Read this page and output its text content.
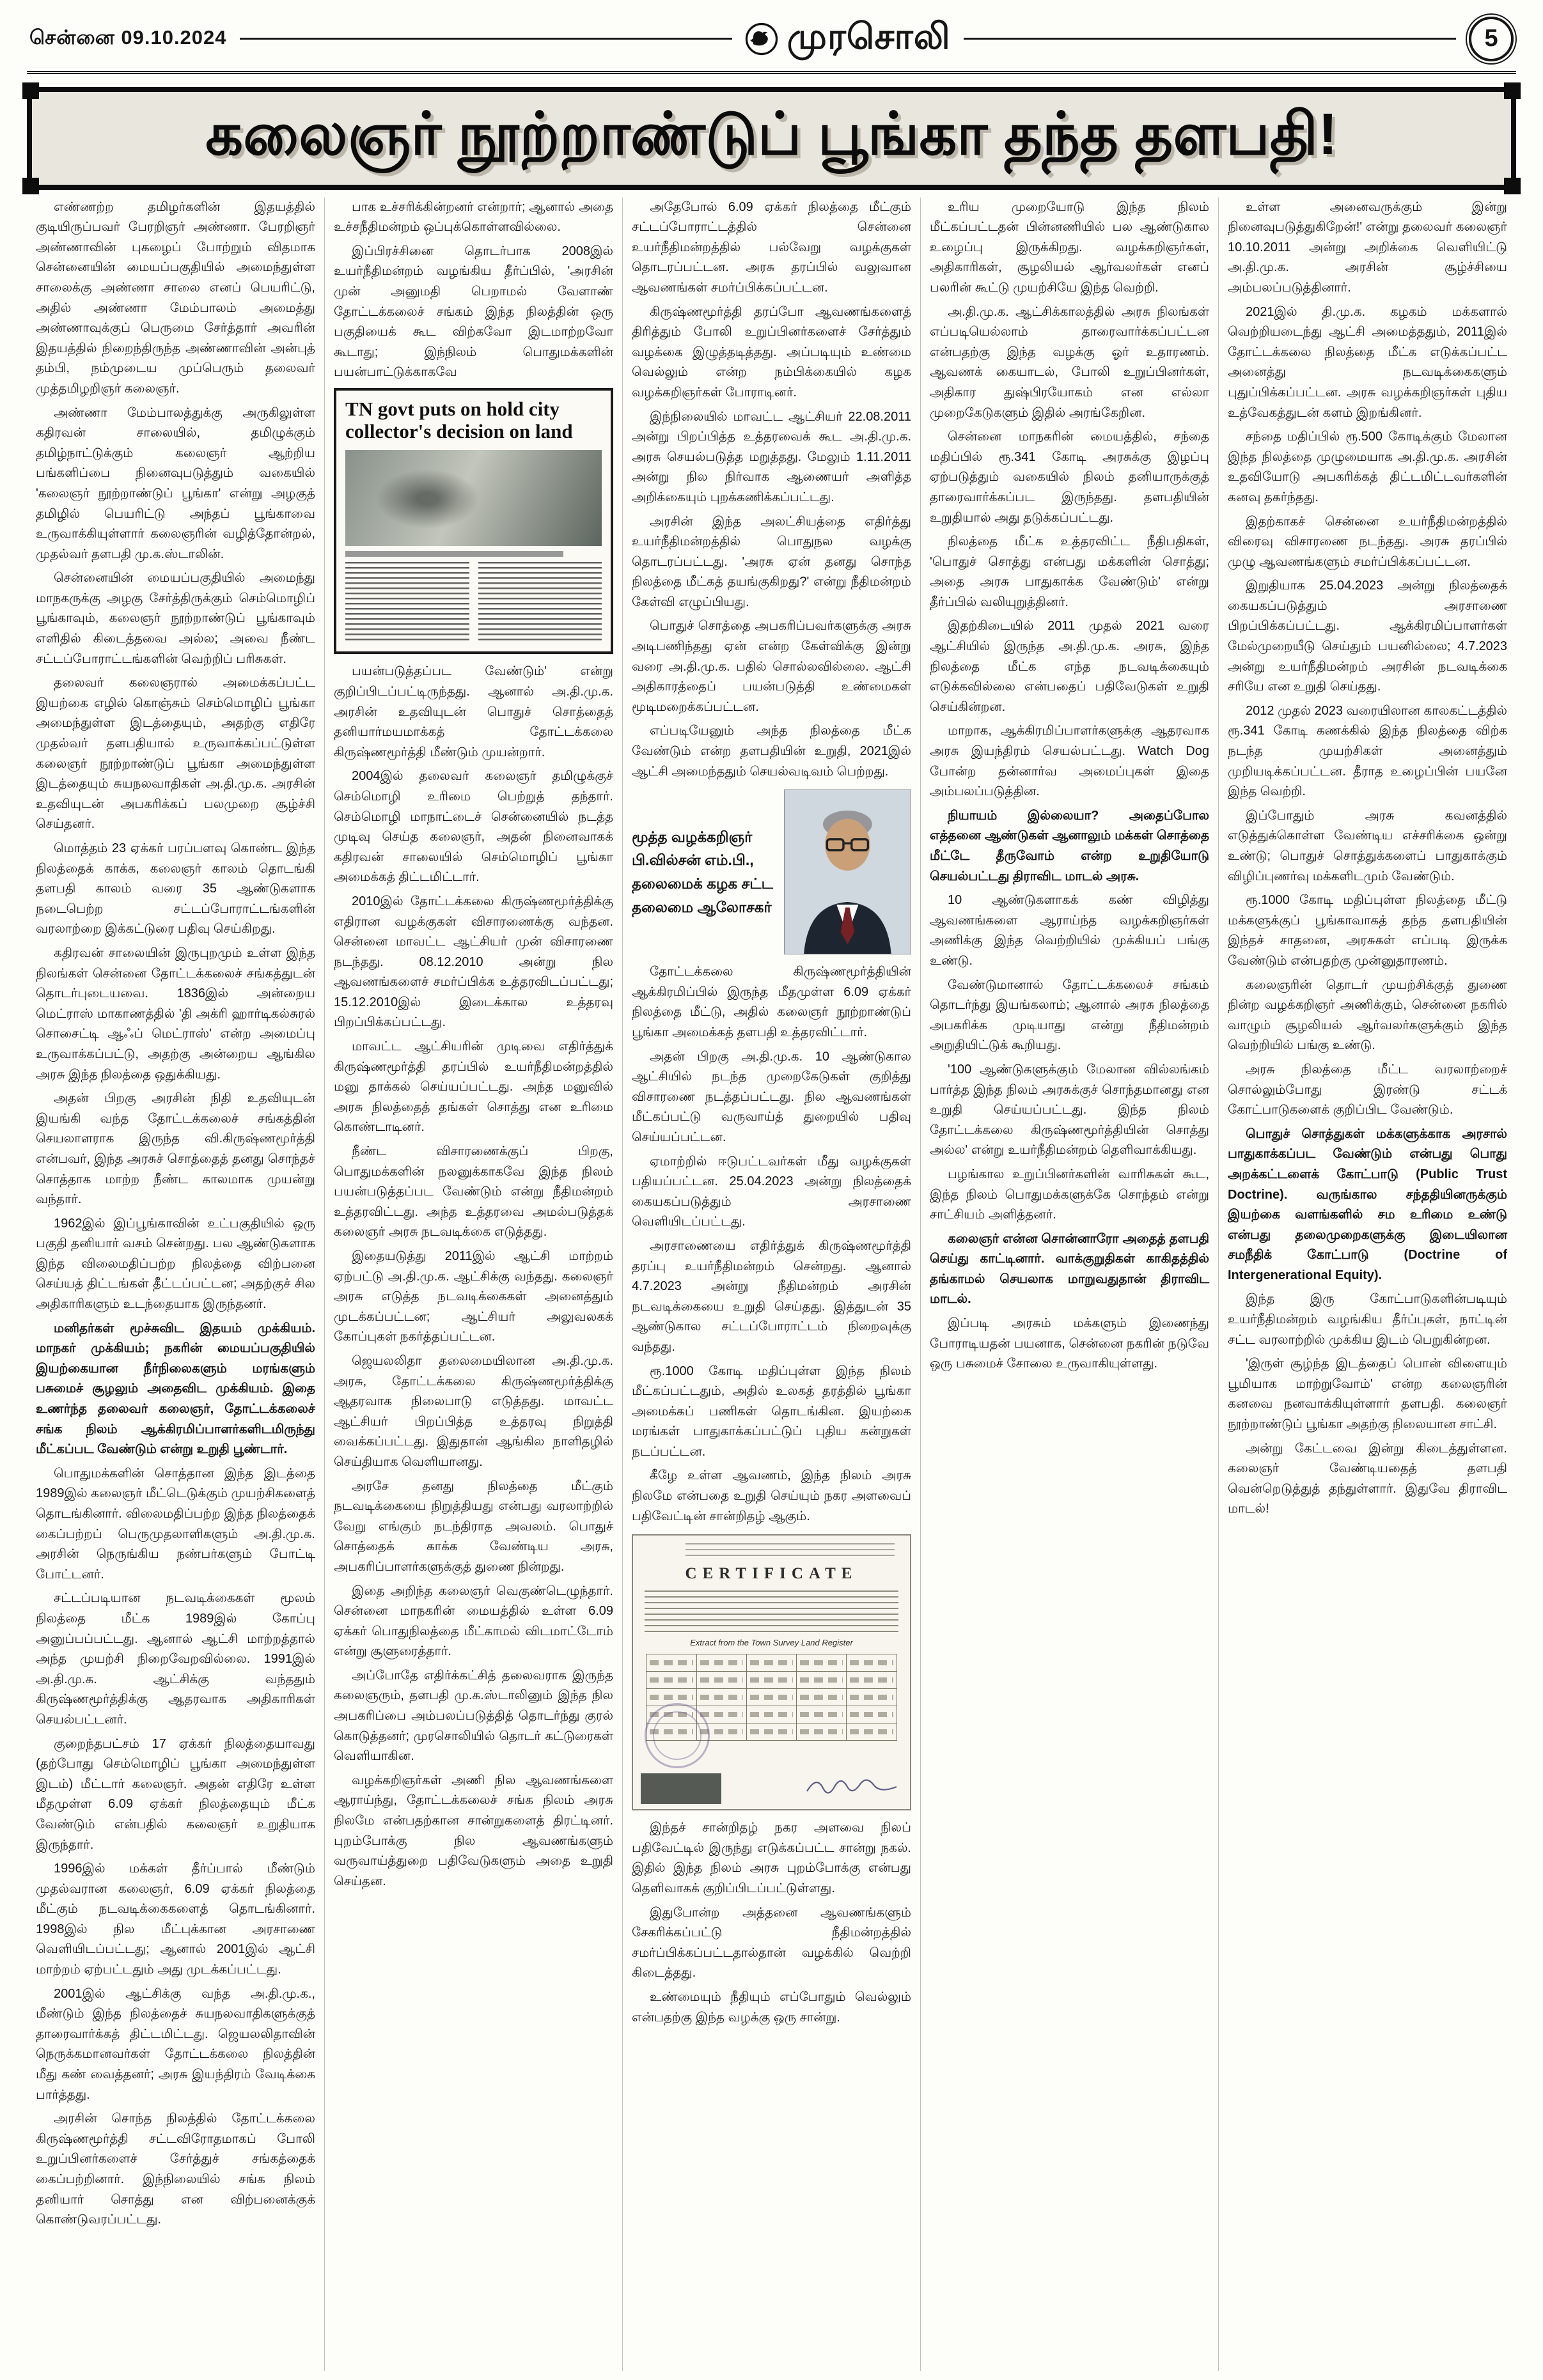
சென்னை 09.10.2024	முரசொலி	5
கலைஞர் நூற்றாண்டுப் பூங்கா தந்த தளபதி!

எண்ணற்ற தமிழர்களின் இதயத்தில் குடியிருப்பவர் பேரறிஞர் அண்ணா. பேரறிஞர் அண்ணாவின் புகழைப் போற்றும் விதமாக சென்னையின் மையப்பகுதியில் அமைந்துள்ள சாலைக்கு அண்ணா சாலை எனப் பெயரிட்டு, அதில் அண்ணா மேம்பாலம் அமைத்து அண்ணாவுக்குப் பெருமை சேர்த்தார் அவரின் இதயத்தில் நிறைந்திருந்த அண்ணாவின் அன்புத் தம்பி, நம்முடைய முப்பெரும் தலைவர் முத்தமிழறிஞர் கலைஞர்.

அண்ணா மேம்பாலத்துக்கு அருகிலுள்ள கதிரவன் சாலையில், தமிழுக்கும் தமிழ்நாட்டுக்கும் கலைஞர் ஆற்றிய பங்களிப்பை நினைவுபடுத்தும் வகையில் 'கலைஞர் நூற்றாண்டுப் பூங்கா' என்று அழகுத் தமிழில் பெயரிட்டு அந்தப் பூங்காவை உருவாக்கியுள்ளார் கலைஞரின் வழித்தோன்றல், முதல்வர் தளபதி மு.க.ஸ்டாலின்.

சென்னையின் மையப்பகுதியில் அமைந்து மாநகருக்கு அழகு சேர்த்திருக்கும் செம்மொழிப் பூங்காவும், கலைஞர் நூற்றாண்டுப் பூங்காவும் எளிதில் கிடைத்தவை அல்ல; அவை நீண்ட சட்டப்போராட்டங்களின் வெற்றிப் பரிசுகள்.

தலைவர் கலைஞரால் அமைக்கப்பட்ட இயற்கை எழில் கொஞ்சும் செம்மொழிப் பூங்கா அமைந்துள்ள இடத்தையும், அதற்கு எதிரே முதல்வர் தளபதியால் உருவாக்கப்பட்டுள்ள கலைஞர் நூற்றாண்டுப் பூங்கா அமைந்துள்ள இடத்தையும் சுயநலவாதிகள் அ.தி.மு.க. அரசின் உதவியுடன் அபகரிக்கப் பலமுறை சூழ்ச்சி செய்தனர்.

மொத்தம் 23 ஏக்கர் பரப்பளவு கொண்ட இந்த நிலத்தைக் காக்க, கலைஞர் காலம் தொடங்கி தளபதி காலம் வரை 35 ஆண்டுகளாக நடைபெற்ற சட்டப்போராட்டங்களின் வரலாற்றை இக்கட்டுரை பதிவு செய்கிறது.

கதிரவன் சாலையின் இருபுறமும் உள்ள இந்த நிலங்கள் சென்னை தோட்டக்கலைச் சங்கத்துடன் தொடர்புடையவை. 1836இல் அன்றைய மெட்ராஸ் மாகாணத்தில் 'தி அக்ரி ஹார்டிகல்சுரல் சொசைட்டி ஆஃப் மெட்ராஸ்' என்ற அமைப்பு உருவாக்கப்பட்டு, அதற்கு அன்றைய ஆங்கில அரசு இந்த நிலத்தை ஒதுக்கியது.

அதன் பிறகு அரசின் நிதி உதவியுடன் இயங்கி வந்த தோட்டக்கலைச் சங்கத்தின் செயலாளராக இருந்த வி.கிருஷ்ணமூர்த்தி என்பவர், இந்த அரசுச் சொத்தைத் தனது சொந்தச் சொத்தாக மாற்ற நீண்ட காலமாக முயன்று வந்தார்.

1962இல் இப்பூங்காவின் உட்பகுதியில் ஒரு பகுதி தனியார் வசம் சென்றது. பல ஆண்டுகளாக இந்த விலைமதிப்பற்ற நிலத்தை விற்பனை செய்யத் திட்டங்கள் தீட்டப்பட்டன; அதற்குச் சில அதிகாரிகளும் உடந்தையாக இருந்தனர்.

மனிதர்கள் மூச்சுவிட இதயம் முக்கியம். மாநகர் முக்கியம்; நகரின் மையப்பகுதியில் இயற்கையான நீர்நிலைகளும் மரங்களும் பசுமைச் சூழலும் அதைவிட முக்கியம். இதை உணர்ந்த தலைவர் கலைஞர், தோட்டக்கலைச் சங்க நிலம் ஆக்கிரமிப்பாளர்களிடமிருந்து மீட்கப்பட வேண்டும் என்று உறுதி பூண்டார்.

பொதுமக்களின் சொத்தான இந்த இடத்தை 1989இல் கலைஞர் மீட்டெடுக்கும் முயற்சிகளைத் தொடங்கினார். விலைமதிப்பற்ற இந்த நிலத்தைக் கைப்பற்றப் பெருமுதலாளிகளும் அ.தி.மு.க. அரசின் நெருங்கிய நண்பர்களும் போட்டி போட்டனர்.

சட்டப்படியான நடவடிக்கைகள் மூலம் நிலத்தை மீட்க 1989இல் கோப்பு அனுப்பப்பட்டது. ஆனால் ஆட்சி மாற்றத்தால் அந்த முயற்சி நிறைவேறவில்லை. 1991இல் அ.தி.மு.க. ஆட்சிக்கு வந்ததும் கிருஷ்ணமூர்த்திக்கு ஆதரவாக அதிகாரிகள் செயல்பட்டனர்.

குறைந்தபட்சம் 17 ஏக்கர் நிலத்தையாவது (தற்போது செம்மொழிப் பூங்கா அமைந்துள்ள இடம்) மீட்டார் கலைஞர். அதன் எதிரே உள்ள மீதமுள்ள 6.09 ஏக்கர் நிலத்தையும் மீட்க வேண்டும் என்பதில் கலைஞர் உறுதியாக இருந்தார்.

1996இல் மக்கள் தீர்ப்பால் மீண்டும் முதல்வரான கலைஞர், 6.09 ஏக்கர் நிலத்தை மீட்கும் நடவடிக்கைகளைத் தொடங்கினார். 1998இல் நில மீட்புக்கான அரசாணை வெளியிடப்பட்டது; ஆனால் 2001இல் ஆட்சி மாற்றம் ஏற்பட்டதும் அது முடக்கப்பட்டது.

2001இல் ஆட்சிக்கு வந்த அ.தி.மு.க., மீண்டும் இந்த நிலத்தைச் சுயநலவாதிகளுக்குத் தாரைவார்க்கத் திட்டமிட்டது. ஜெயலலிதாவின் நெருக்கமானவர்கள் தோட்டக்கலை நிலத்தின் மீது கண் வைத்தனர்; அரசு இயந்திரம் வேடிக்கை பார்த்தது.

அரசின் சொந்த நிலத்தில் தோட்டக்கலை கிருஷ்ணமூர்த்தி சட்டவிரோதமாகப் போலி உறுப்பினர்களைச் சேர்த்துச் சங்கத்தைக் கைப்பற்றினார். இந்நிலையில் சங்க நிலம் தனியார் சொத்து என விற்பனைக்குக் கொண்டுவரப்பட்டது.

பாக உச்சரிக்கின்றனர் என்றார்; ஆனால் அதை உச்சநீதிமன்றம் ஒப்புக்கொள்ளவில்லை.

இப்பிரச்சினை தொடர்பாக 2008இல் உயர்நீதிமன்றம் வழங்கிய தீர்ப்பில், 'அரசின் முன் அனுமதி பெறாமல் வேளாண் தோட்டக்கலைச் சங்கம் இந்த நிலத்தின் ஒரு பகுதியைக் கூட விற்கவோ இடமாற்றவோ கூடாது; இந்நிலம் பொதுமக்களின் பயன்பாட்டுக்காகவே

TN govt puts on hold city collector's decision on land

பயன்படுத்தப்பட வேண்டும்' என்று குறிப்பிடப்பட்டிருந்தது. ஆனால் அ.தி.மு.க. அரசின் உதவியுடன் பொதுச் சொத்தைத் தனியார்மயமாக்கத் தோட்டக்கலை கிருஷ்ணமூர்த்தி மீண்டும் முயன்றார்.

2004இல் தலைவர் கலைஞர் தமிழுக்குச் செம்மொழி உரிமை பெற்றுத் தந்தார். செம்மொழி மாநாட்டைச் சென்னையில் நடத்த முடிவு செய்த கலைஞர், அதன் நினைவாகக் கதிரவன் சாலையில் செம்மொழிப் பூங்கா அமைக்கத் திட்டமிட்டார்.

2010இல் தோட்டக்கலை கிருஷ்ணமூர்த்திக்கு எதிரான வழக்குகள் விசாரணைக்கு வந்தன. சென்னை மாவட்ட ஆட்சியர் முன் விசாரணை நடந்தது. 08.12.2010 அன்று நில ஆவணங்களைச் சமர்ப்பிக்க உத்தரவிடப்பட்டது; 15.12.2010இல் இடைக்கால உத்தரவு பிறப்பிக்கப்பட்டது.

மாவட்ட ஆட்சியரின் முடிவை எதிர்த்துக் கிருஷ்ணமூர்த்தி தரப்பில் உயர்நீதிமன்றத்தில் மனு தாக்கல் செய்யப்பட்டது. அந்த மனுவில் அரசு நிலத்தைத் தங்கள் சொத்து என உரிமை கொண்டாடினர்.

நீண்ட விசாரணைக்குப் பிறகு, பொதுமக்களின் நலனுக்காகவே இந்த நிலம் பயன்படுத்தப்பட வேண்டும் என்று நீதிமன்றம் உத்தரவிட்டது. அந்த உத்தரவை அமல்படுத்தக் கலைஞர் அரசு நடவடிக்கை எடுத்தது.

இதையடுத்து 2011இல் ஆட்சி மாற்றம் ஏற்பட்டு அ.தி.மு.க. ஆட்சிக்கு வந்தது. கலைஞர் அரசு எடுத்த நடவடிக்கைகள் அனைத்தும் முடக்கப்பட்டன; ஆட்சியர் அலுவலகக் கோப்புகள் நகர்த்தப்பட்டன.

ஜெயலலிதா தலைமையிலான அ.தி.மு.க. அரசு, தோட்டக்கலை கிருஷ்ணமூர்த்திக்கு ஆதரவாக நிலைபாடு எடுத்தது. மாவட்ட ஆட்சியர் பிறப்பித்த உத்தரவு நிறுத்தி வைக்கப்பட்டது. இதுதான் ஆங்கில நாளிதழில் செய்தியாக வெளியானது.

அரசே தனது நிலத்தை மீட்கும் நடவடிக்கையை நிறுத்தியது என்பது வரலாற்றில் வேறு எங்கும் நடந்திராத அவலம். பொதுச் சொத்தைக் காக்க வேண்டிய அரசு, அபகரிப்பாளர்களுக்குத் துணை நின்றது.

இதை அறிந்த கலைஞர் வெகுண்டெழுந்தார். சென்னை மாநகரின் மையத்தில் உள்ள 6.09 ஏக்கர் பொதுநிலத்தை மீட்காமல் விடமாட்டோம் என்று சூளுரைத்தார்.

அப்போதே எதிர்க்கட்சித் தலைவராக இருந்த கலைஞரும், தளபதி மு.க.ஸ்டாலினும் இந்த நில அபகரிப்பை அம்பலப்படுத்தித் தொடர்ந்து குரல் கொடுத்தனர்; முரசொலியில் தொடர் கட்டுரைகள் வெளியாகின.

வழக்கறிஞர்கள் அணி நில ஆவணங்களை ஆராய்ந்து, தோட்டக்கலைச் சங்க நிலம் அரசு நிலமே என்பதற்கான சான்றுகளைத் திரட்டினர். புறம்போக்கு நில ஆவணங்களும் வருவாய்த்துறை பதிவேடுகளும் அதை உறுதி செய்தன.

அதேபோல் 6.09 ஏக்கர் நிலத்தை மீட்கும் சட்டப்போராட்டத்தில் சென்னை உயர்நீதிமன்றத்தில் பல்வேறு வழக்குகள் தொடரப்பட்டன. அரசு தரப்பில் வலுவான ஆவணங்கள் சமர்ப்பிக்கப்பட்டன.

கிருஷ்ணமூர்த்தி தரப்போ ஆவணங்களைத் திரித்தும் போலி உறுப்பினர்களைச் சேர்த்தும் வழக்கை இழுத்தடித்தது. அப்படியும் உண்மை வெல்லும் என்ற நம்பிக்கையில் கழக வழக்கறிஞர்கள் போராடினர்.

இந்நிலையில் மாவட்ட ஆட்சியர் 22.08.2011 அன்று பிறப்பித்த உத்தரவைக் கூட அ.தி.மு.க. அரசு செயல்படுத்த மறுத்தது. மேலும் 1.11.2011 அன்று நில நிர்வாக ஆணையர் அளித்த அறிக்கையும் புறக்கணிக்கப்பட்டது.

அரசின் இந்த அலட்சியத்தை எதிர்த்து உயர்நீதிமன்றத்தில் பொதுநல வழக்கு தொடரப்பட்டது. 'அரசு ஏன் தனது சொந்த நிலத்தை மீட்கத் தயங்குகிறது?' என்று நீதிமன்றம் கேள்வி எழுப்பியது.

பொதுச் சொத்தை அபகரிப்பவர்களுக்கு அரசு அடிபணிந்தது ஏன் என்ற கேள்விக்கு இன்று வரை அ.தி.மு.க. பதில் சொல்லவில்லை. ஆட்சி அதிகாரத்தைப் பயன்படுத்தி உண்மைகள் மூடிமறைக்கப்பட்டன.

எப்படியேனும் அந்த நிலத்தை மீட்க வேண்டும் என்ற தளபதியின் உறுதி, 2021இல் ஆட்சி அமைந்ததும் செயல்வடிவம் பெற்றது.

மூத்த வழக்கறிஞர்
பி.வில்சன் எம்.பி.,
தலைமைக் கழக சட்ட
தலைமை ஆலோசகர்

தோட்டக்கலை கிருஷ்ணமூர்த்தியின் ஆக்கிரமிப்பில் இருந்த மீதமுள்ள 6.09 ஏக்கர் நிலத்தை மீட்டு, அதில் கலைஞர் நூற்றாண்டுப் பூங்கா அமைக்கத் தளபதி உத்தரவிட்டார்.

அதன் பிறகு அ.தி.மு.க. 10 ஆண்டுகால ஆட்சியில் நடந்த முறைகேடுகள் குறித்து விசாரணை நடத்தப்பட்டது. நில ஆவணங்கள் மீட்கப்பட்டு வருவாய்த் துறையில் பதிவு செய்யப்பட்டன.

ஏமாற்றில் ஈடுபட்டவர்கள் மீது வழக்குகள் பதியப்பட்டன. 25.04.2023 அன்று நிலத்தைக் கையகப்படுத்தும் அரசாணை வெளியிடப்பட்டது.

அரசாணையை எதிர்த்துக் கிருஷ்ணமூர்த்தி தரப்பு உயர்நீதிமன்றம் சென்றது. ஆனால் 4.7.2023 அன்று நீதிமன்றம் அரசின் நடவடிக்கையை உறுதி செய்தது. இத்துடன் 35 ஆண்டுகால சட்டப்போராட்டம் நிறைவுக்கு வந்தது.

ரூ.1000 கோடி மதிப்புள்ள இந்த நிலம் மீட்கப்பட்டதும், அதில் உலகத் தரத்தில் பூங்கா அமைக்கப் பணிகள் தொடங்கின. இயற்கை மரங்கள் பாதுகாக்கப்பட்டுப் புதிய கன்றுகள் நடப்பட்டன.

கீழே உள்ள ஆவணம், இந்த நிலம் அரசு நிலமே என்பதை உறுதி செய்யும் நகர அளவைப் பதிவேட்டின் சான்றிதழ் ஆகும்.

CERTIFICATE
Extract from the Town Survey Land Register

இந்தச் சான்றிதழ் நகர அளவை நிலப் பதிவேட்டில் இருந்து எடுக்கப்பட்ட சான்று நகல். இதில் இந்த நிலம் அரசு புறம்போக்கு என்பது தெளிவாகக் குறிப்பிடப்பட்டுள்ளது.

இதுபோன்ற அத்தனை ஆவணங்களும் சேகரிக்கப்பட்டு நீதிமன்றத்தில் சமர்ப்பிக்கப்பட்டதால்தான் வழக்கில் வெற்றி கிடைத்தது.

உண்மையும் நீதியும் எப்போதும் வெல்லும் என்பதற்கு இந்த வழக்கு ஒரு சான்று.

உரிய முறையோடு இந்த நிலம் மீட்கப்பட்டதன் பின்னணியில் பல ஆண்டுகால உழைப்பு இருக்கிறது. வழக்கறிஞர்கள், அதிகாரிகள், சூழலியல் ஆர்வலர்கள் எனப் பலரின் கூட்டு முயற்சியே இந்த வெற்றி.

அ.தி.மு.க. ஆட்சிக்காலத்தில் அரசு நிலங்கள் எப்படியெல்லாம் தாரைவார்க்கப்பட்டன என்பதற்கு இந்த வழக்கு ஓர் உதாரணம். ஆவணக் கையாடல், போலி உறுப்பினர்கள், அதிகார துஷ்பிரயோகம் என எல்லா முறைகேடுகளும் இதில் அரங்கேறின.

சென்னை மாநகரின் மையத்தில், சந்தை மதிப்பில் ரூ.341 கோடி அரசுக்கு இழப்பு ஏற்படுத்தும் வகையில் நிலம் தனியாருக்குத் தாரைவார்க்கப்பட இருந்தது. தளபதியின் உறுதியால் அது தடுக்கப்பட்டது.

நிலத்தை மீட்க உத்தரவிட்ட நீதிபதிகள், 'பொதுச் சொத்து என்பது மக்களின் சொத்து; அதை அரசு பாதுகாக்க வேண்டும்' என்று தீர்ப்பில் வலியுறுத்தினர்.

இதற்கிடையில் 2011 முதல் 2021 வரை ஆட்சியில் இருந்த அ.தி.மு.க. அரசு, இந்த நிலத்தை மீட்க எந்த நடவடிக்கையும் எடுக்கவில்லை என்பதைப் பதிவேடுகள் உறுதி செய்கின்றன.

மாறாக, ஆக்கிரமிப்பாளர்களுக்கு ஆதரவாக அரசு இயந்திரம் செயல்பட்டது. Watch Dog போன்ற தன்னார்வ அமைப்புகள் இதை அம்பலப்படுத்தின.

நியாயம் இல்லையா? அதைப்போல எத்தனை ஆண்டுகள் ஆனாலும் மக்கள் சொத்தை மீட்டே தீருவோம் என்ற உறுதியோடு செயல்பட்டது திராவிட மாடல் அரசு.

10 ஆண்டுகளாகக் கண் விழித்து ஆவணங்களை ஆராய்ந்த வழக்கறிஞர்கள் அணிக்கு இந்த வெற்றியில் முக்கியப் பங்கு உண்டு.

வேண்டுமானால் தோட்டக்கலைச் சங்கம் தொடர்ந்து இயங்கலாம்; ஆனால் அரசு நிலத்தை அபகரிக்க முடியாது என்று நீதிமன்றம் அறுதியிட்டுக் கூறியது.

'100 ஆண்டுகளுக்கும் மேலான வில்லங்கம் பார்த்த இந்த நிலம் அரசுக்குச் சொந்தமானது என உறுதி செய்யப்பட்டது. இந்த நிலம் தோட்டக்கலை கிருஷ்ணமூர்த்தியின் சொத்து அல்ல' என்று உயர்நீதிமன்றம் தெளிவாக்கியது.

பழங்கால உறுப்பினர்களின் வாரிசுகள் கூட, இந்த நிலம் பொதுமக்களுக்கே சொந்தம் என்று சாட்சியம் அளித்தனர்.

கலைஞர் என்ன சொன்னாரோ அதைத் தளபதி செய்து காட்டினார். வாக்குறுதிகள் காகிதத்தில் தங்காமல் செயலாக மாறுவதுதான் திராவிட மாடல்.

இப்படி அரசும் மக்களும் இணைந்து போராடியதன் பயனாக, சென்னை நகரின் நடுவே ஒரு பசுமைச் சோலை உருவாகியுள்ளது.

உள்ள அனைவருக்கும் இன்று நினைவுபடுத்துகிறேன்!' என்று தலைவர் கலைஞர் 10.10.2011 அன்று அறிக்கை வெளியிட்டு அ.தி.மு.க. அரசின் சூழ்ச்சியை அம்பலப்படுத்தினார்.

2021இல் தி.மு.க. கழகம் மக்களால் வெற்றியடைந்து ஆட்சி அமைத்ததும், 2011இல் தோட்டக்கலை நிலத்தை மீட்க எடுக்கப்பட்ட அனைத்து நடவடிக்கைகளும் புதுப்பிக்கப்பட்டன. அரசு வழக்கறிஞர்கள் புதிய உத்வேகத்துடன் களம் இறங்கினர்.

சந்தை மதிப்பில் ரூ.500 கோடிக்கும் மேலான இந்த நிலத்தை முழுமையாக அ.தி.மு.க. அரசின் உதவியோடு அபகரிக்கத் திட்டமிட்டவர்களின் கனவு தகர்ந்தது.

இதற்காகச் சென்னை உயர்நீதிமன்றத்தில் விரைவு விசாரணை நடந்தது. அரசு தரப்பில் முழு ஆவணங்களும் சமர்ப்பிக்கப்பட்டன.

இறுதியாக 25.04.2023 அன்று நிலத்தைக் கையகப்படுத்தும் அரசாணை பிறப்பிக்கப்பட்டது. ஆக்கிரமிப்பாளர்கள் மேல்முறையீடு செய்தும் பயனில்லை; 4.7.2023 அன்று உயர்நீதிமன்றம் அரசின் நடவடிக்கை சரியே என உறுதி செய்தது.

2012 முதல் 2023 வரையிலான காலகட்டத்தில் ரூ.341 கோடி கணக்கில் இந்த நிலத்தை விற்க நடந்த முயற்சிகள் அனைத்தும் முறியடிக்கப்பட்டன. தீராத உழைப்பின் பயனே இந்த வெற்றி.

இப்போதும் அரசு கவனத்தில் எடுத்துக்கொள்ள வேண்டிய எச்சரிக்கை ஒன்று உண்டு; பொதுச் சொத்துக்களைப் பாதுகாக்கும் விழிப்புணர்வு மக்களிடமும் வேண்டும்.

ரூ.1000 கோடி மதிப்புள்ள நிலத்தை மீட்டு மக்களுக்குப் பூங்காவாகத் தந்த தளபதியின் இந்தச் சாதனை, அரசுகள் எப்படி இருக்க வேண்டும் என்பதற்கு முன்னுதாரணம்.

கலைஞரின் தொடர் முயற்சிக்குத் துணை நின்ற வழக்கறிஞர் அணிக்கும், சென்னை நகரில் வாழும் சூழலியல் ஆர்வலர்களுக்கும் இந்த வெற்றியில் பங்கு உண்டு.

அரசு நிலத்தை மீட்ட வரலாற்றைச் சொல்லும்போது இரண்டு சட்டக் கோட்பாடுகளைக் குறிப்பிட வேண்டும்.

பொதுச் சொத்துகள் மக்களுக்காக அரசால் பாதுகாக்கப்பட வேண்டும் என்பது பொது அறக்கட்டளைக் கோட்பாடு (Public Trust Doctrine). வருங்கால சந்ததியினருக்கும் இயற்கை வளங்களில் சம உரிமை உண்டு என்பது தலைமுறைகளுக்கு இடையிலான சமநீதிக் கோட்பாடு (Doctrine of Intergenerational Equity).

இந்த இரு கோட்பாடுகளின்படியும் உயர்நீதிமன்றம் வழங்கிய தீர்ப்புகள், நாட்டின் சட்ட வரலாற்றில் முக்கிய இடம் பெறுகின்றன.

'இருள் சூழ்ந்த இடத்தைப் பொன் விளையும் பூமியாக மாற்றுவோம்' என்ற கலைஞரின் கனவை நனவாக்கியுள்ளார் தளபதி. கலைஞர் நூற்றாண்டுப் பூங்கா அதற்கு நிலையான சாட்சி.

அன்று கேட்டவை இன்று கிடைத்துள்ளன. கலைஞர் வேண்டியதைத் தளபதி வென்றெடுத்துத் தந்துள்ளார். இதுவே திராவிட மாடல்!
